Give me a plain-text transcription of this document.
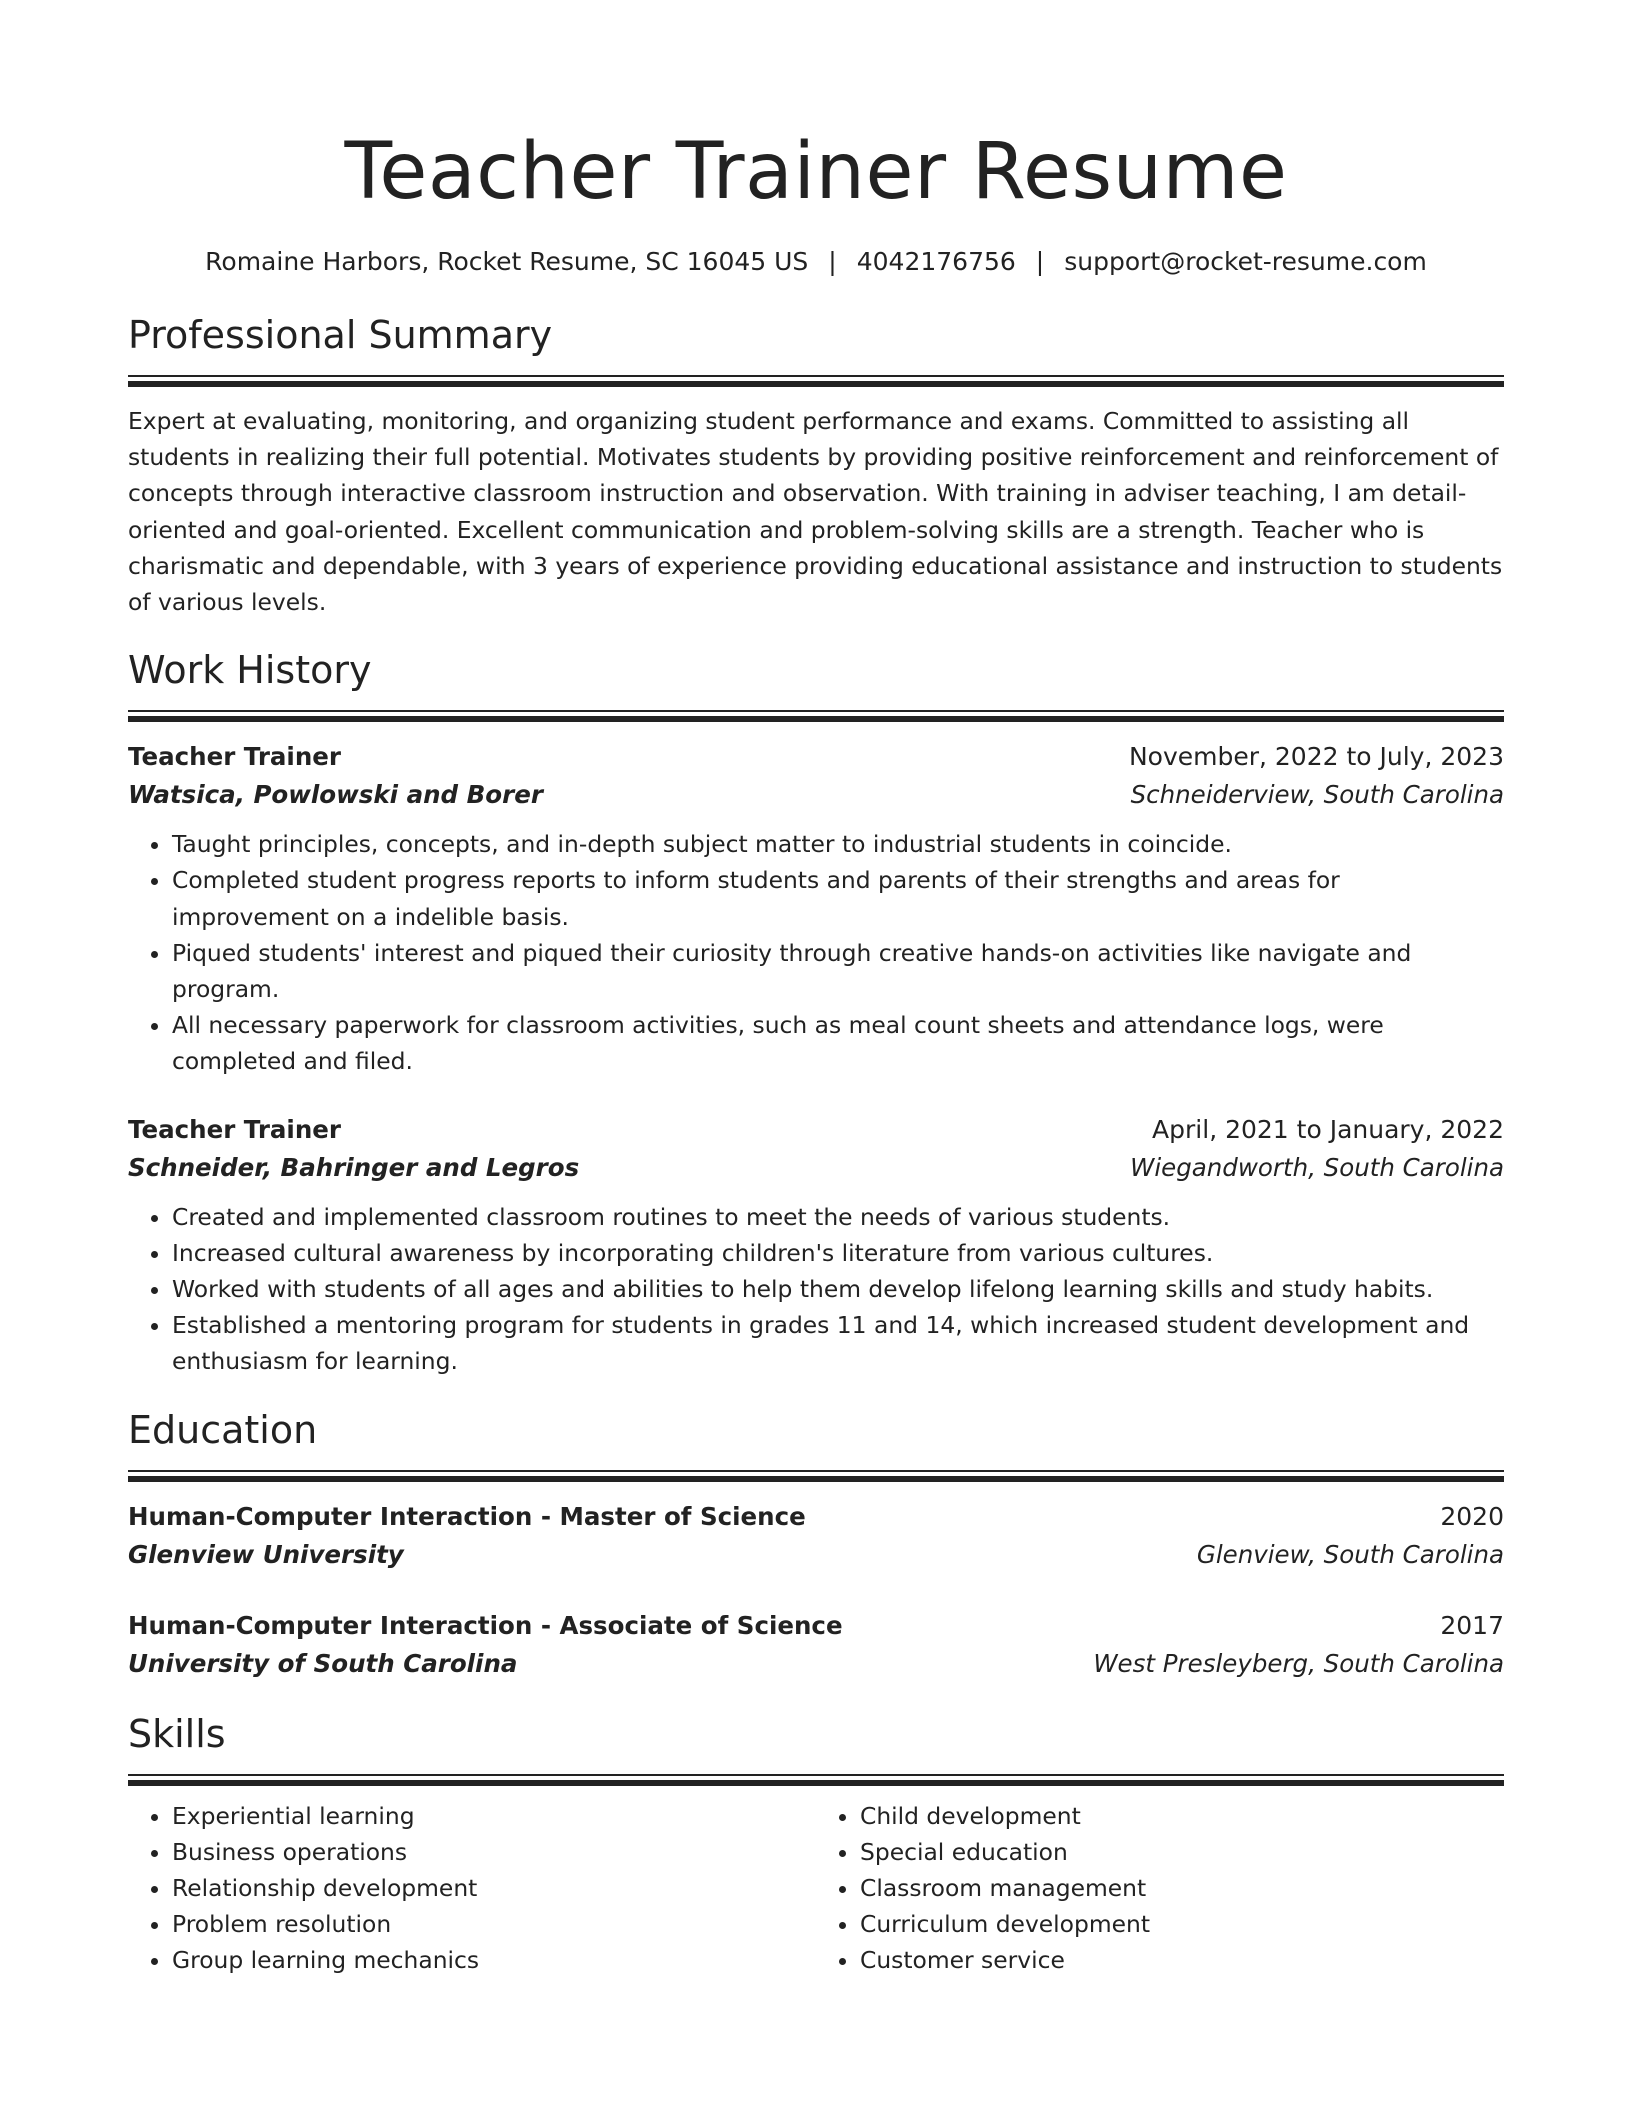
Teacher Trainer Resume
Romaine Harbors, Rocket Resume, SC 16045 US | 4042176756 | support@rocket-resume.com
Professional Summary
Expert at evaluating, monitoring, and organizing student performance and exams. Committed to assisting all students in realizing their full potential. Motivates students by providing positive reinforcement and reinforcement of concepts through interactive classroom instruction and observation. With training in adviser teaching, I am detail-oriented and goal-oriented. Excellent communication and problem-solving skills are a strength. Teacher who is charismatic and dependable, with 3 years of experience providing educational assistance and instruction to students of various levels.
Work History
Teacher Trainer	November, 2022 to July, 2023
Watsica, Powlowski and Borer	Schneiderview, South Carolina
• Taught principles, concepts, and in-depth subject matter to industrial students in coincide.
• Completed student progress reports to inform students and parents of their strengths and areas for improvement on a indelible basis.
• Piqued students' interest and piqued their curiosity through creative hands-on activities like navigate and program.
• All necessary paperwork for classroom activities, such as meal count sheets and attendance logs, were completed and filed.
Teacher Trainer	April, 2021 to January, 2022
Schneider, Bahringer and Legros	Wiegandworth, South Carolina
• Created and implemented classroom routines to meet the needs of various students.
• Increased cultural awareness by incorporating children's literature from various cultures.
• Worked with students of all ages and abilities to help them develop lifelong learning skills and study habits.
• Established a mentoring program for students in grades 11 and 14, which increased student development and enthusiasm for learning.
Education
Human-Computer Interaction - Master of Science	2020
Glenview University	Glenview, South Carolina
Human-Computer Interaction - Associate of Science	2017
University of South Carolina	West Presleyberg, South Carolina
Skills
• Experiential learning
• Business operations
• Relationship development
• Problem resolution
• Group learning mechanics
• Child development
• Special education
• Classroom management
• Curriculum development
• Customer service
